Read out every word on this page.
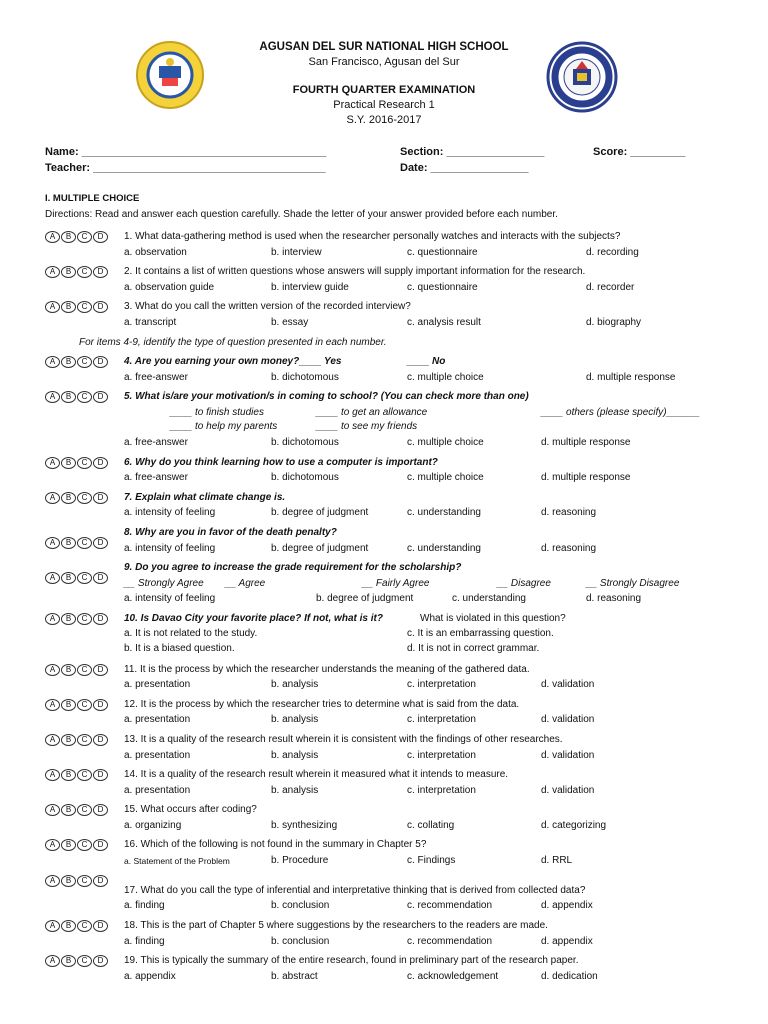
AGUSAN DEL SUR NATIONAL HIGH SCHOOL
San Francisco, Agusan del Sur
FOURTH QUARTER EXAMINATION
Practical Research 1
S.Y. 2016-2017
Name: ________________________________________	Section: ________________	Score: _________
Teacher: ______________________________________	Date: ________________
I. MULTIPLE CHOICE
Directions: Read and answer each question carefully. Shade the letter of your answer provided before each number.
A	B	C	D
A	B	C	D
A	B	C	D
A	B	C	D
A	B	C	D
A	B	C	D
A	B	C	D
A	B	C	D
A	B	C	D
A	B	C	D
A	B	C	D
A	B	C	D
A	B	C	D
A	B	C	D
A	B	C	D
A	B	C	D
A	B	C	D
A	B	C	D
A	B	C	D
1. What data-gathering method is used when the researcher personally watches and interacts with the subjects?
a. observation	b. interview	c. questionnaire	d. recording
2. It contains a list of written questions whose answers will supply important information for the research.
a. observation guide	b. interview guide	c. questionnaire	d. recorder
3. What do you call the written version of the recorded interview?
a. transcript	b. essay	c. analysis result	d. biography
For items 4-9, identify the type of question presented in each number.
4. Are you earning your own money?____ Yes	____ No
a. free-answer	b. dichotomous	c. multiple choice	d. multiple response
5. What is/are your motivation/s in coming to school? (You can check more than one)
____ to finish studies	____ to get an allowance	____ others (please specify)______
____ to help my parents	____ to see my friends
a. free-answer	b. dichotomous	c. multiple choice	d. multiple response
6. Why do you think learning how to use a computer is important?
a. free-answer	b. dichotomous	c. multiple choice	d. multiple response
7. Explain what climate change is.
a. intensity of feeling	b. degree of judgment	c. understanding	d. reasoning
8. Why are you in favor of the death penalty?
a. intensity of feeling	b. degree of judgment	c. understanding	d. reasoning
9. Do you agree to increase the grade requirement for the scholarship?
__ Strongly Agree __ Agree	__ Fairly Agree	__ Disagree	__ Strongly Disagree
a. intensity of feeling	b. degree of judgment	c. understanding	d. reasoning
10. Is Davao City your favorite place? If not, what is it?	What is violated in this question?
a. It is not related to the study.	c. It is an embarrassing question.
b. It is a biased question.	d. It is not in correct grammar.
11. It is the process by which the researcher understands the meaning of the gathered data.
a. presentation	b. analysis	c. interpretation	d. validation
12. It is the process by which the researcher tries to determine what is said from the data.
a. presentation	b. analysis	c. interpretation	d. validation
13. It is a quality of the research result wherein it is consistent with the findings of other researches.
a. presentation	b. analysis	c. interpretation	d. validation
14. It is a quality of the research result wherein it measured what it intends to measure.
a. presentation	b. analysis	c. interpretation	d. validation
15. What occurs after coding?
a. organizing	b. synthesizing	c. collating	d. categorizing
16. Which of the following is not found in the summary in Chapter 5?
a. Statement of the Problem	b. Procedure	c. Findings	d. RRL
17. What do you call the type of inferential and interpretative thinking that is derived from collected data?
a. finding	b. conclusion	c. recommendation	d. appendix
18. This is the part of Chapter 5 where suggestions by the researchers to the readers are made.
a. finding	b. conclusion	c. recommendation	d. appendix
19. This is typically the summary of the entire research, found in preliminary part of the research paper.
a. appendix	b. abstract	c. acknowledgement	d. dedication
